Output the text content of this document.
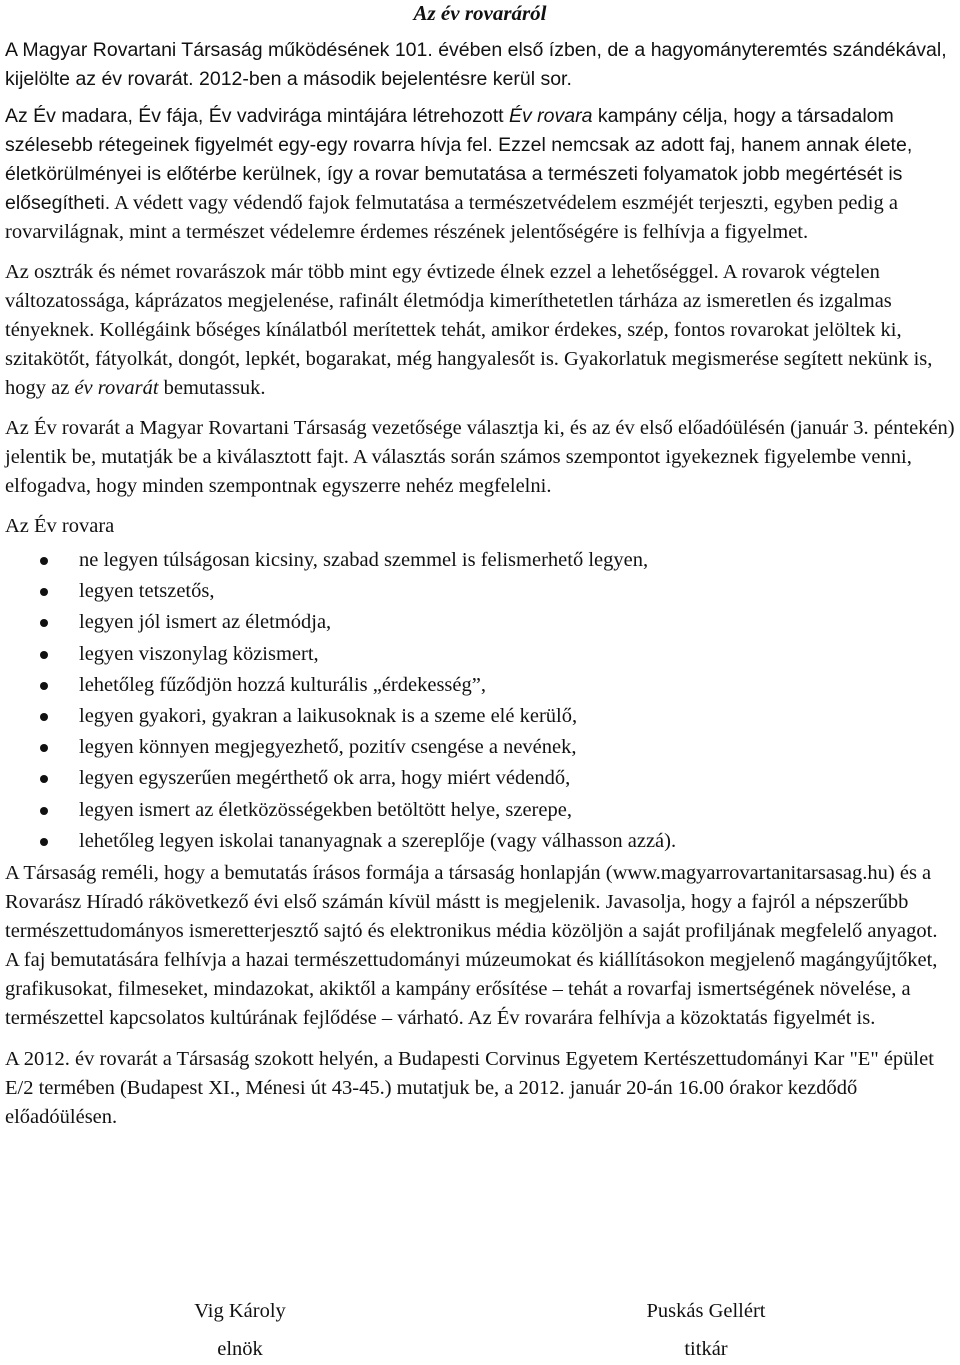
Az év rovaráról

A Magyar Rovartani Társaság működésének 101. évében első ízben, de a hagyományteremtés szándékával, kijelölte az év rovarát. 2012-ben a második bejelentésre kerül sor.

Az Év madara, Év fája, Év vadvirága mintájára létrehozott Év rovara kampány célja, hogy a társadalom szélesebb rétegeinek figyelmét egy-egy rovarra hívja fel. Ezzel nemcsak az adott faj, hanem annak élete, életkörülményei is előtérbe kerülnek, így a rovar bemutatása a természeti folyamatok jobb megértését is elősegítheti. A védett vagy védendő fajok felmutatása a természetvédelem eszméjét terjeszti, egyben pedig a rovarvilágnak, mint a természet védelemre érdemes részének jelentőségére is felhívja a figyelmet.

Az osztrák és német rovarászok már több mint egy évtizede élnek ezzel a lehetőséggel. A rovarok végtelen változatossága, káprázatos megjelenése, rafinált életmódja kimeríthetetlen tárháza az ismeretlen és izgalmas tényeknek. Kollégáink bőséges kínálatból merítettek tehát, amikor érdekes, szép, fontos rovarokat jelöltek ki, szitakötőt, fátyolkát, dongót, lepkét, bogarakat, még hangyalesőt is. Gyakorlatuk megismerése segített nekünk is, hogy az év rovarát bemutassuk.

Az Év rovarát a Magyar Rovartani Társaság vezetősége választja ki, és az év első előadóülésén (január 3. péntekén) jelentik be, mutatják be a kiválasztott fajt. A választás során számos szempontot igyekeznek figyelembe venni, elfogadva, hogy minden szempontnak egyszerre nehéz megfelelni.

Az Év rovara

ne legyen túlságosan kicsiny, szabad szemmel is felismerhető legyen,
legyen tetszetős,
legyen jól ismert az életmódja,
legyen viszonylag közismert,
lehetőleg fűződjön hozzá kulturális „érdekesség”,
legyen gyakori, gyakran a laikusoknak is a szeme elé kerülő,
legyen könnyen megjegyezhető, pozitív csengése a nevének,
legyen egyszerűen megérthető ok arra, hogy miért védendő,
legyen ismert az életközösségekben betöltött helye, szerepe,
lehetőleg legyen iskolai tananyagnak a szereplője (vagy válhasson azzá).

A Társaság reméli, hogy a bemutatás írásos formája a társaság honlapján (www.magyarrovartanitarsasag.hu) és a Rovarász Híradó rákövetkező évi első számán kívül mástt is megjelenik. Javasolja, hogy a fajról a népszerűbb természettudományos ismeretterjesztő sajtó és elektronikus média közöljön a saját profiljának megfelelő anyagot. A faj bemutatására felhívja a hazai természettudományi múzeumokat és kiállításokon megjelenő magángyűjtőket, grafikusokat, filmeseket, mindazokat, akiktől a kampány erősítése – tehát a rovarfaj ismertségének növelése, a természettel kapcsolatos kultúrának fejlődése – várható. Az Év rovarára felhívja a közoktatás figyelmét is.

A 2012. év rovarát a Társaság szokott helyén, a Budapesti Corvinus Egyetem Kertészettudományi Kar "E" épület E/2 termében (Budapest XI., Ménesi út 43-45.) mutatjuk be, a 2012. január 20-án 16.00 órakor kezdődő előadóülésen.

Vig Károly
elnök
Puskás Gellért
titkár
